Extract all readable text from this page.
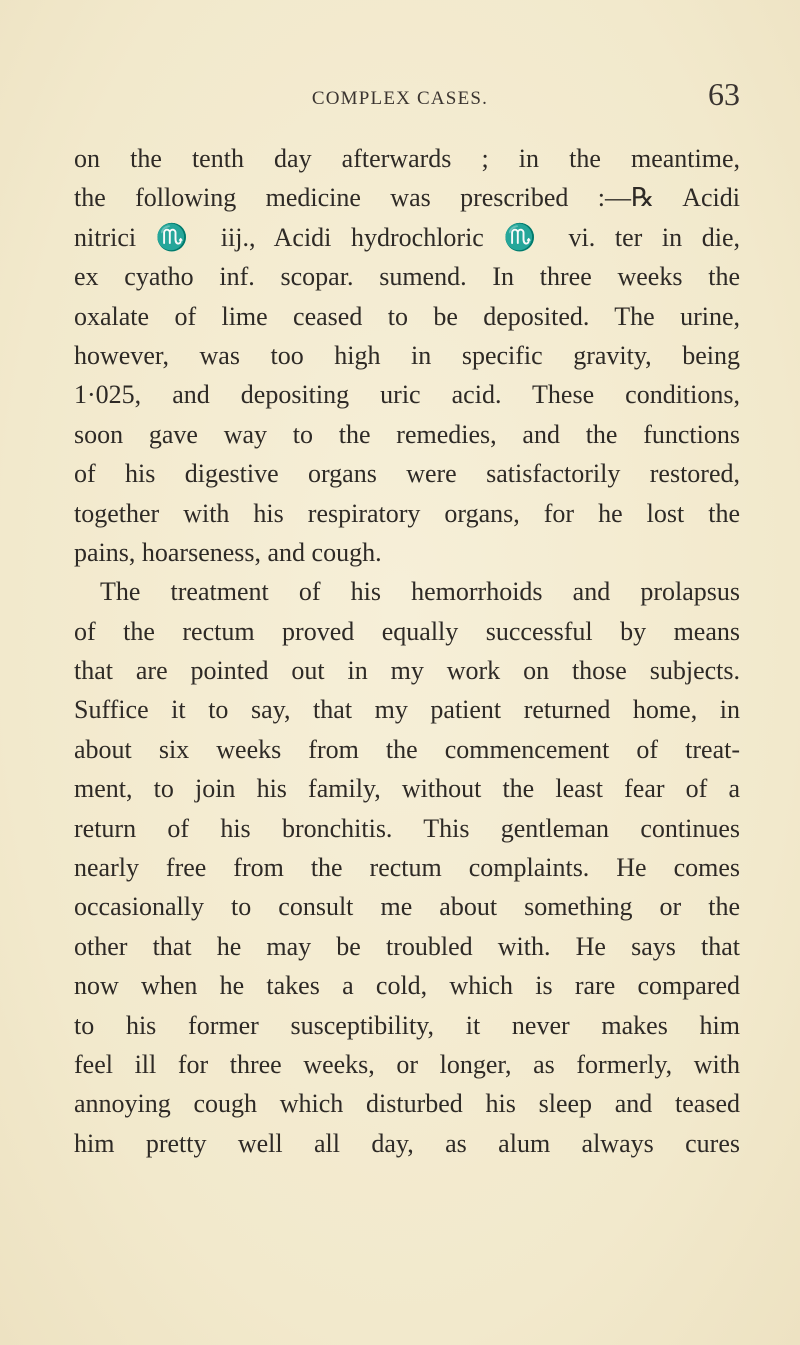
COMPLEX CASES.	63
on the tenth day afterwards ; in the meantime,
the following medicine was prescribed :—℞ Acidi
nitrici ♏ iij., Acidi hydrochloric ♏ vi. ter in die,
ex cyatho inf. scopar. sumend. In three weeks the
oxalate of lime ceased to be deposited. The urine,
however, was too high in specific gravity, being
1·025, and depositing uric acid. These conditions,
soon gave way to the remedies, and the functions
of his digestive organs were satisfactorily restored,
together with his respiratory organs, for he lost the
pains, hoarseness, and cough.
The treatment of his hemorrhoids and prolapsus
of the rectum proved equally successful by means
that are pointed out in my work on those subjects.
Suffice it to say, that my patient returned home, in
about six weeks from the commencement of treat-
ment, to join his family, without the least fear of a
return of his bronchitis. This gentleman continues
nearly free from the rectum complaints. He comes
occasionally to consult me about something or the
other that he may be troubled with. He says that
now when he takes a cold, which is rare compared
to his former susceptibility, it never makes him
feel ill for three weeks, or longer, as formerly, with
annoying cough which disturbed his sleep and teased
him pretty well all day, as alum always cures
